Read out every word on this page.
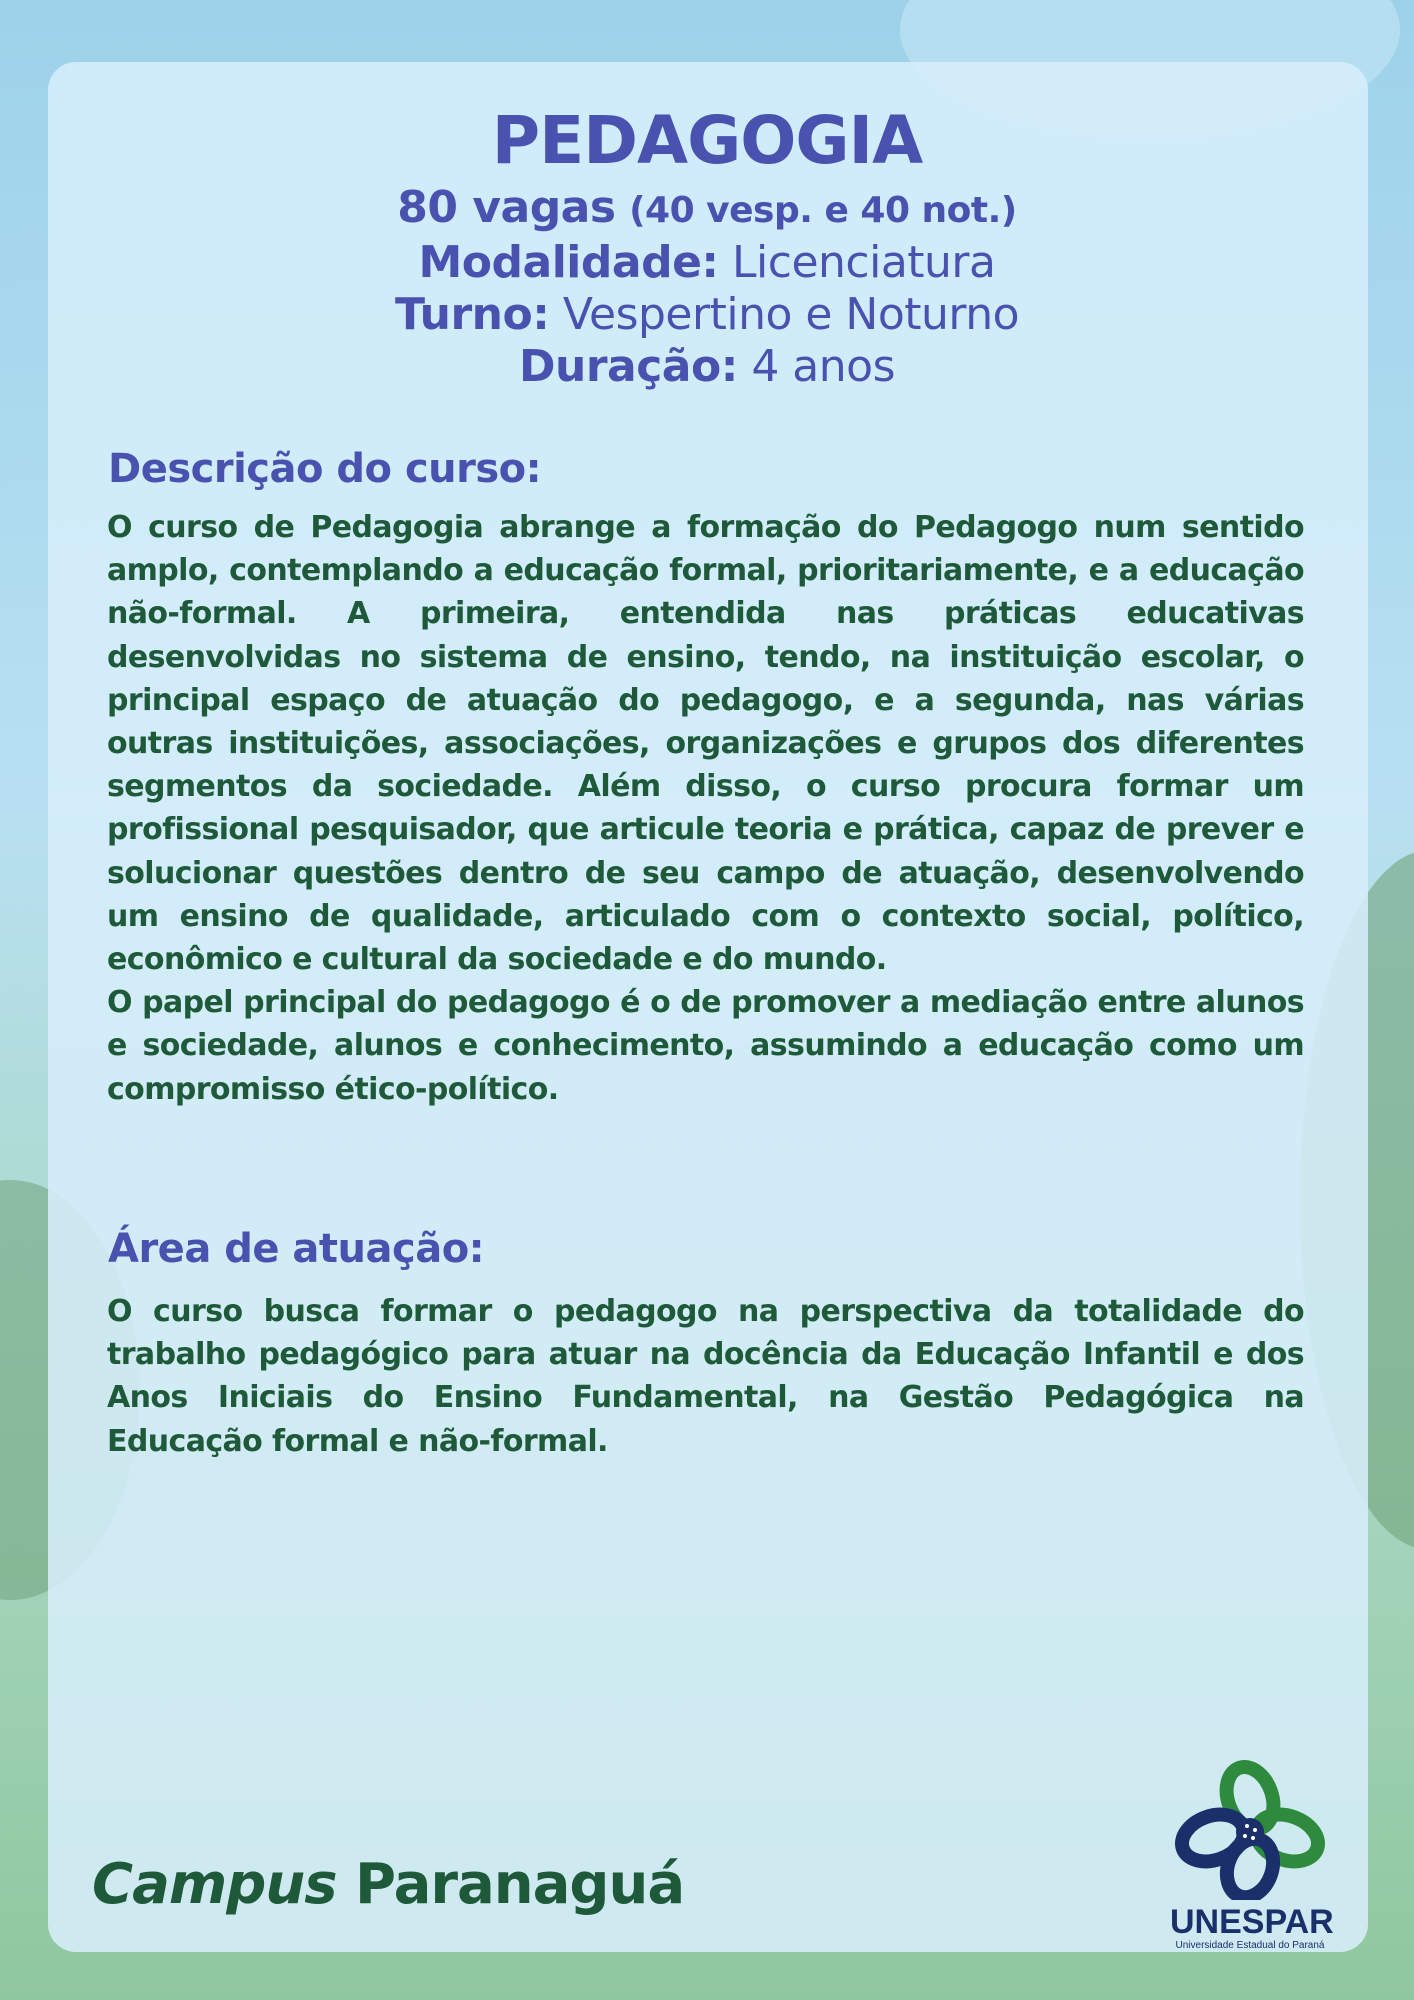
PEDAGOGIA
80 vagas (40 vesp. e 40 not.)
Modalidade: Licenciatura
Turno: Vespertino e Noturno
Duração: 4 anos
Descrição do curso:

O curso de Pedagogia abrange a formação do Pedagogo num sentido amplo, contemplando a educação formal, prioritariamente, e a educação não-formal. A primeira, entendida nas práticas educativas desenvolvidas no sistema de ensino, tendo, na instituição escolar, o principal espaço de atuação do pedagogo, e a segunda, nas várias outras instituições, associações, organizações e grupos dos diferentes segmentos da sociedade. Além disso, o curso procura formar um profissional pesquisador, que articule teoria e prática, capaz de prever e solucionar questões dentro de seu campo de atuação, desenvolvendo um ensino de qualidade, articulado com o contexto social, político, econômico e cultural da sociedade e do mundo.

O papel principal do pedagogo é o de promover a mediação entre alunos e sociedade, alunos e conhecimento, assumindo a educação como um compromisso ético-político.

Área de atuação:

O curso busca formar o pedagogo na perspectiva da totalidade do trabalho pedagógico para atuar na docência da Educação Infantil e dos Anos Iniciais do Ensino Fundamental, na Gestão Pedagógica na Educação formal e não-formal.

Campus Paranaguá
UNESPAR
Universidade Estadual do Paraná
